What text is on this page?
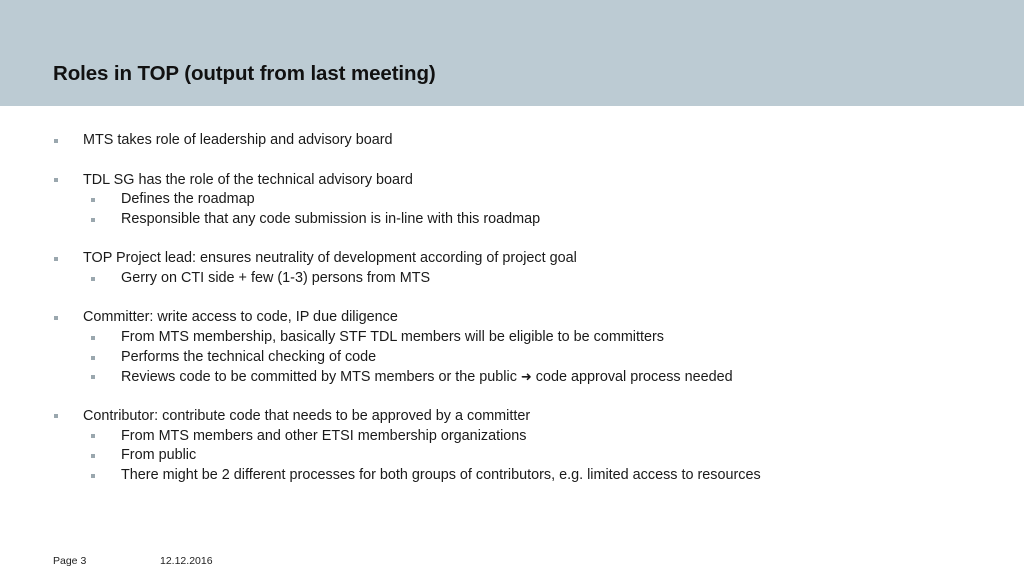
Roles in TOP (output from last meeting)
MTS takes role of leadership and advisory board
TDL SG has the role of the technical advisory board
Defines the roadmap
Responsible that any code submission is in-line with this roadmap
TOP Project lead: ensures neutrality of development according of project goal
Gerry on CTI side + few (1-3) persons from MTS
Committer: write access to code, IP due diligence
From MTS membership, basically STF TDL members will be eligible to be committers
Performs the technical checking of code
Reviews code to be committed by MTS members or the public ➜ code approval process needed
Contributor: contribute code that needs to be approved by a committer
From MTS members and other ETSI membership organizations
From public
There might be 2 different processes for both groups of contributors, e.g. limited access to resources
Page 3	12.12.2016
